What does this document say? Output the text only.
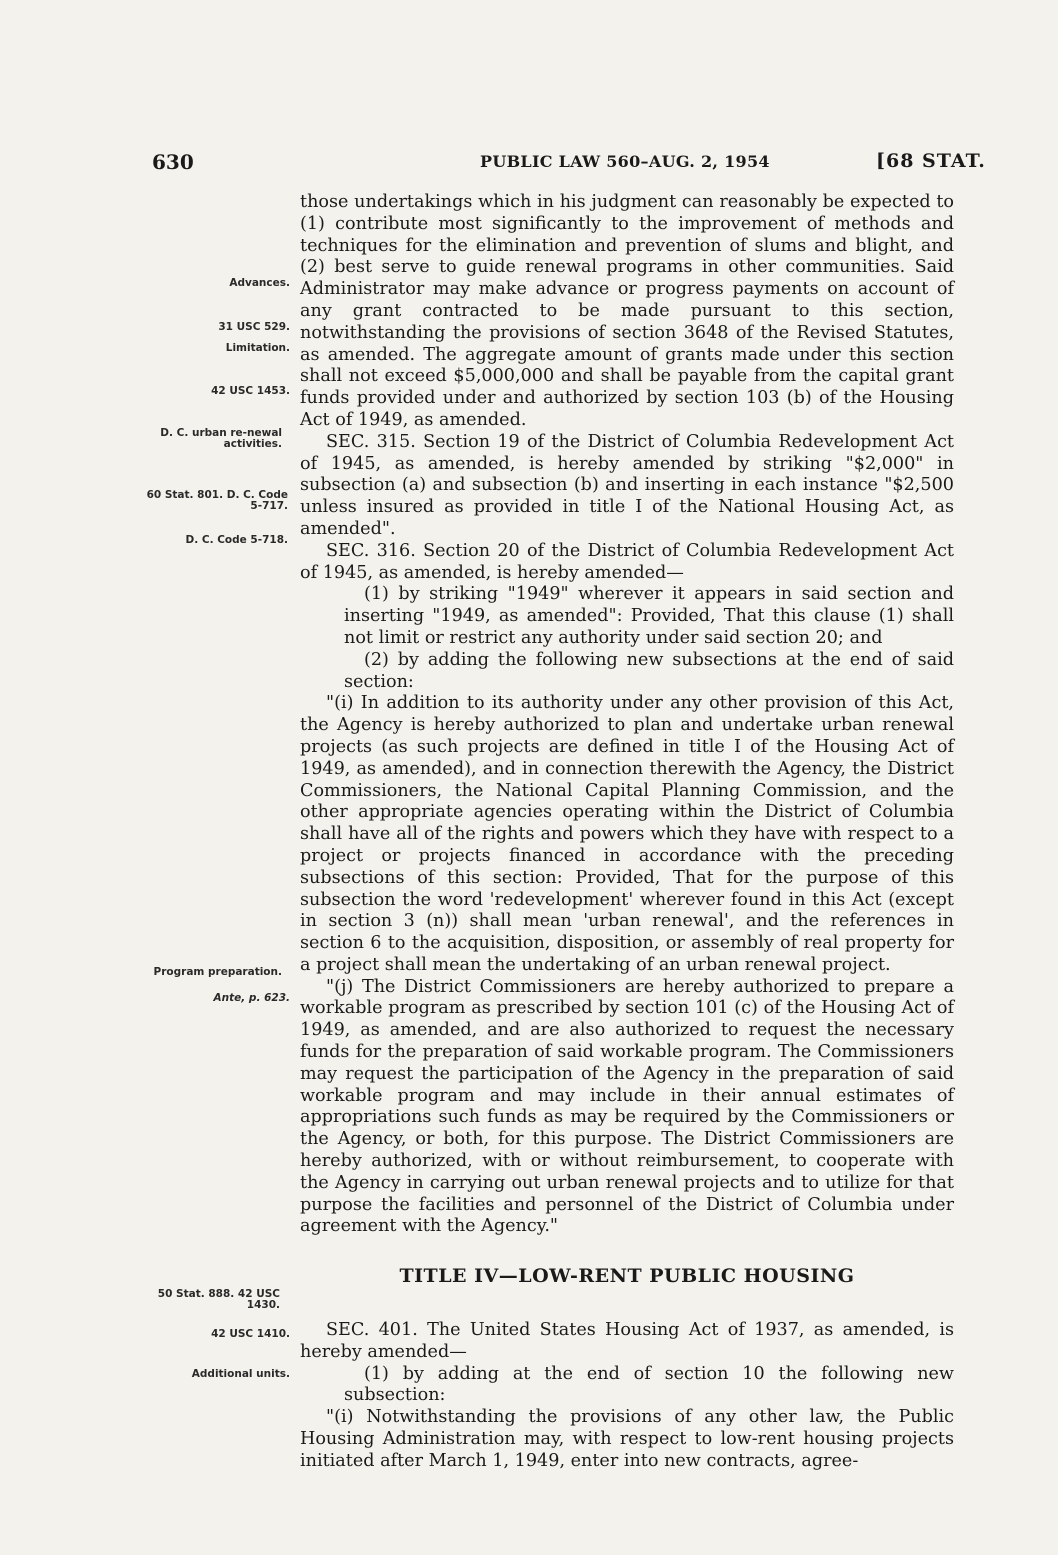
630	PUBLIC LAW 560–AUG. 2, 1954	[68 STAT.
Advances.
31 USC 529.
Limitation.
42 USC 1453.
D. C. urban re-newal activities.
60 Stat. 801. D. C. Code 5-717.
D. C. Code 5-718.
Program preparation.
Ante, p. 623.
50 Stat. 888. 42 USC 1430.
42 USC 1410.
Additional units.

those undertakings which in his judgment can reasonably be expected to (1) contribute most significantly to the improvement of methods and techniques for the elimination and prevention of slums and blight, and (2) best serve to guide renewal programs in other communities. Said Administrator may make advance or progress payments on account of any grant contracted to be made pursuant to this section, notwithstanding the provisions of section 3648 of the Revised Statutes, as amended. The aggregate amount of grants made under this section shall not exceed $5,000,000 and shall be payable from the capital grant funds provided under and authorized by section 103 (b) of the Housing Act of 1949, as amended.

SEC. 315. Section 19 of the District of Columbia Redevelopment Act of 1945, as amended, is hereby amended by striking "$2,000" in subsection (a) and subsection (b) and inserting in each instance "$2,500 unless insured as provided in title I of the National Housing Act, as amended".

SEC. 316. Section 20 of the District of Columbia Redevelopment Act of 1945, as amended, is hereby amended—

(1) by striking "1949" wherever it appears in said section and inserting "1949, as amended": Provided, That this clause (1) shall not limit or restrict any authority under said section 20; and

(2) by adding the following new subsections at the end of said section:

"(i) In addition to its authority under any other provision of this Act, the Agency is hereby authorized to plan and undertake urban renewal projects (as such projects are defined in title I of the Housing Act of 1949, as amended), and in connection therewith the Agency, the District Commissioners, the National Capital Planning Commission, and the other appropriate agencies operating within the District of Columbia shall have all of the rights and powers which they have with respect to a project or projects financed in accordance with the preceding subsections of this section: Provided, That for the purpose of this subsection the word 'redevelopment' wherever found in this Act (except in section 3 (n)) shall mean 'urban renewal', and the references in section 6 to the acquisition, disposition, or assembly of real property for a project shall mean the undertaking of an urban renewal project.

"(j) The District Commissioners are hereby authorized to prepare a workable program as prescribed by section 101 (c) of the Housing Act of 1949, as amended, and are also authorized to request the necessary funds for the preparation of said workable program. The Commissioners may request the participation of the Agency in the preparation of said workable program and may include in their annual estimates of appropriations such funds as may be required by the Commissioners or the Agency, or both, for this purpose. The District Commissioners are hereby authorized, with or without reimbursement, to cooperate with the Agency in carrying out urban renewal projects and to utilize for that purpose the facilities and personnel of the District of Columbia under agreement with the Agency."

TITLE IV—LOW-RENT PUBLIC HOUSING

SEC. 401. The United States Housing Act of 1937, as amended, is hereby amended—

(1) by adding at the end of section 10 the following new subsection:

"(i) Notwithstanding the provisions of any other law, the Public Housing Administration may, with respect to low-rent housing projects initiated after March 1, 1949, enter into new contracts, agree-
